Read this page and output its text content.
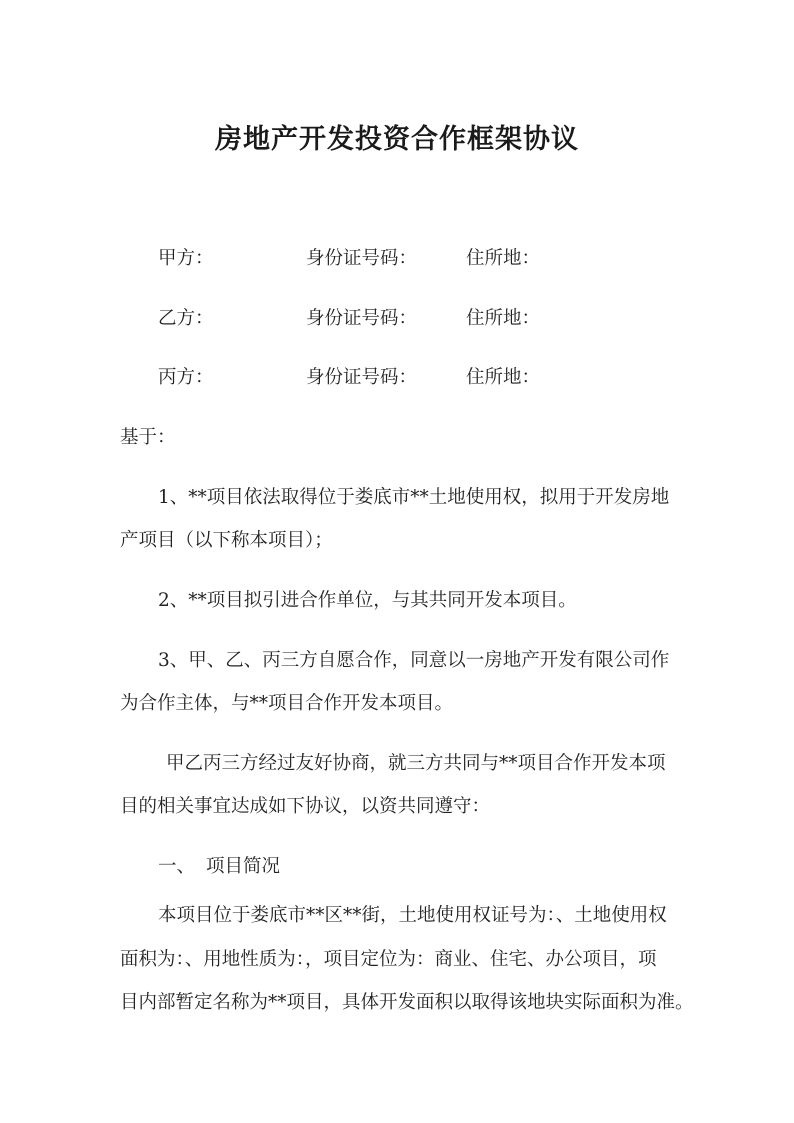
房地产开发投资合作框架协议
甲方：	身份证号码：	住所地：
乙方：	身份证号码：	住所地：
丙方：	身份证号码：	住所地：
基于：
1、**项目依法取得位于娄底市**土地使用权，拟用于开发房地
产项目（以下称本项目）；
2、**项目拟引进合作单位，与其共同开发本项目。
3、甲、乙、丙三方自愿合作，同意以一房地产开发有限公司作
为合作主体，与**项目合作开发本项目。
甲乙丙三方经过友好协商，就三方共同与**项目合作开发本项
目的相关事宜达成如下协议，以资共同遵守：
一、 项目简况
本项目位于娄底市**区**街，土地使用权证号为：、土地使用权
面积为：、用地性质为：，项目定位为：商业、住宅、办公项目，项
目内部暂定名称为**项目，具体开发面积以取得该地块实际面积为准。
